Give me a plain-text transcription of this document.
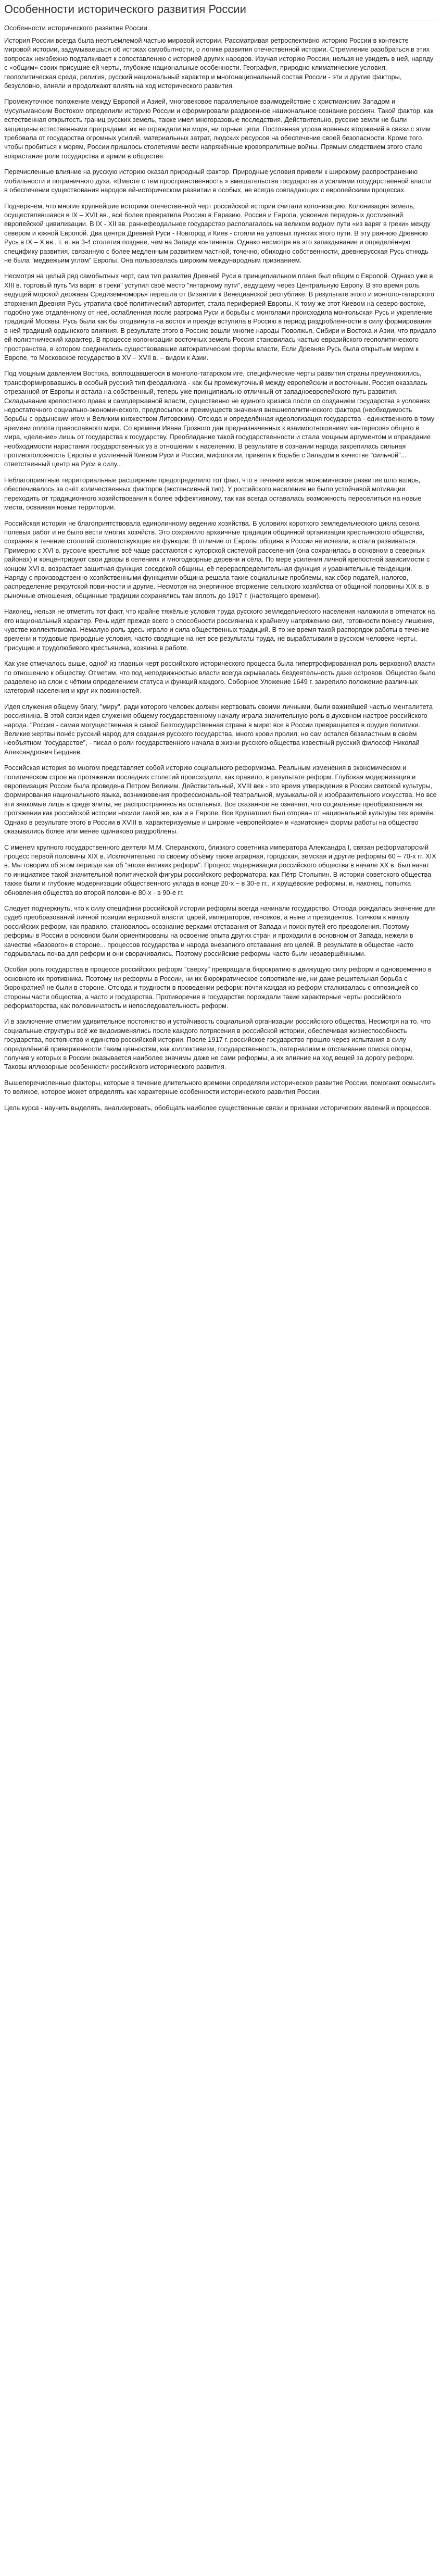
Особенности исторического развития России
Особенности исторического развития России
История России всегда была неотъемлемой частью мировой истории. Рассматривая ретроспективно историю России в контексте мировой истории, задумываешься об истоках самобытности, о логике развития отечественной истории. Стремление разобраться в этих вопросах неизбежно подталкивает к сопоставлению с историей других народов. Изучая историю России, нельзя не увидеть в ней, наряду с «общим» своих присущие ей черты, глубокие национальные особенности. География, природно-климатические условия, геополитическая среда, религия, русский национальный характер и многонациональный состав России - эти и другие факторы, безусловно, влияли и продолжают влиять на ход исторического развития.
Промежуточное положение между Европой и Азией, многовековое параллельное взаимодействие с христианским Западом и мусульманским Востоком определили историю России и сформировали раздвоенное национальное сознание россиян. Такой фактор, как естественная открытость границ русских земель, также имел многоразовые последствия. Действительно, русские земли не были защищены естественными преградами: их не ограждали ни моря, ни горные цепи. Постоянная угроза военных вторжений в связи с этим требовала от государства огромных усилий, материальных затрат, людских ресурсов на обеспечение своей безопасности. Кроме того, чтобы пробиться к морям, России пришлось столетиями вести напряжённые кровопролитные войны. Прямым следствием этого стало возрастание роли государства и армии в обществе.
Перечисленные влияние на русскую историю оказал природный фактор. Природные условия привели к широкому распространению мобильности и пограничного духа. «Вместе с тем пространственность » вмешательства государства и усилиями государственной власти в обеспечении существования народов ей-историческом развитии в особых, не всегда совпадающих с европейскими процессах.
Подчеркнём, что многие крупнейшие историки отечественной черт российской истории считали колонизацию. Колонизация земель, осуществлявшаяся в IX – XVII вв., всё более превратила Россию в Евразию. Россия и Европа, усвоение передовых достижений европейской цивилизации. В IX - XII вв. раннефеодальное государство располагалось на великом водном пути «из варяг в греки» между севером и южной Европой. Два центра Древней Руси - Новгород и Киев - стояли на узловых пунктах этого пути. В эту раннюю Древнюю Русь в IX – X вв., т. е. на 3-4 столетия позднее, чем на Западе континента. Однако несмотря на это запаздывание и определённую специфику развития, связанную с более медленным развитием частной, точечно, обиходно собственности, древнерусская Русь отнюдь не была "медвежьим углом" Европы. Она пользовалась широким международным признанием.
Несмотря на целый ряд самобытных черт, сам тип развития Древней Руси в принципиальном плане был общим с Европой. Однако уже в XIII в. торговый путь "из варяг в греки" уступил своё место "янтарному пути", ведущему через Центральную Европу. В это время роль ведущей морской державы Средиземноморья перешла от Византии к Венецианской республике. В результате этого и монголо-татарского вторжения Древняя Русь утратила своё политический авторитет, стала периферией Европы. К тому же этот Киевом на северо-востоке, подобно уже отдалённому от неё, ослабленная после разгрома Руси и борьбы с монголами происходила монгольская Русь и укрепление традиций Москвы. Русь была как бы отодвинута на восток и прежде вступила в Россию в период раздробленности в силу формирования в ней традиций ордынского влияния. В результате этого в Россию вошли многие народы Поволжья, Сибири и Востока и Азии, что придало ей полиэтнический характер. В процессе колонизации восточных земель Россия становилась частью евразийского геополитического пространства, в котором соединились существовавшие автократические формы власти, Если Древняя Русь была открытым миром к Европе, то Московское государство в XV – XVII в. – видом к Азии.
Под мощным давлением Востока, воплощавшегося в монголо-татарском иге, специфические черты развития страны преумножились, трансформировавшись в особый русский тип феодализма - как бы промежуточный между европейским и восточным. Россия оказалась отрезанной от Европы и встала на собственный, теперь уже принципиально отличный от западноевропейского путь развития. Складывание крепостного права и самодержавной власти, существенно не единого кризиса после со созданием государства в условиях недостаточного социально-экономического, предпосылок и преимуществ значения внешнеполитического фактора (необходимость борьбы с ордынским игом и Великим княжеством Литовским). Отсюда и определённая идеологизация государства - единственного в тому времени оплота православного мира. Со времени Ивана Грозного дан предназначенных к взаимоотношениям «интересов» общего в мира, «деление» лишь от государства к государству. Преобладание такой государственности и стала мощным аргументом и оправдание необходимости нарастания государственных уз в отношении к населению. В результате в сознании народа закрепилась сильная противоположность Европы и усиленный Киевом Руси и России, мифологии, привела к борьбе с Западом в качестве "сильной"... ответственный центр на Руси в силу...
Неблагоприятные территориальные расширение предопределило тот факт, что в течение веков экономическое развитие шло вширь, обеспечивалось за счёт количественных факторов (экстенсивный тип). У российского населения не было устойчивой мотивации переходить от традиционного хозяйствования к более эффективному, так как всегда оставалась возможность переселиться на новые места, осваивая новые территории.
Российская история не благоприятствовала единоличному ведению хозяйства. В условиях короткого земледельческого цикла сезона полевых работ и не было вести многих хозяйств. Это сохранило архаичные традиции общинной организации крестьянского общества, сохраняя в течение столетий соответствующие её функции. В отличие от Европы община в России не исчезла, а стала развиваться. Примерно с XVI в. русские крестьяне всё чаще расстаются с хуторской системой расселения (она сохранилась в основном в северных районах) и концентрируют свои дворы в селениях и многодворные деревни и сёла. По мере усиления личной крепостной зависимости с концом XVI в. возрастает защитная функция соседской общины, её перераспределительная функция и уравнительные тенденции. Наряду с производственно-хозяйственными функциями община решала такие социальные проблемы, как сбор податей, налогов, распределение рекрутской повинности и другие. Несмотря на энергичное вторжение сельского хозяйства от общиной половины XIX в. в рыночные отношения, общинные традиции сохранялись там вплоть до 1917 г. (настоящего времени).
Наконец, нельзя не отметить тот факт, что крайне тяжёлые условия труда русского земледельческого населения наложили в отпечаток на его национальный характер. Речь идёт прежде всего о способности россиянина к крайнему напряжению сил, готовности понесу лишения, чувстве коллективизма. Немалую роль здесь играло и сила общественных традиций. В то же время такой распорядок работы в течение времени и трудовые природные условия, часто сводящие на нет все результаты труда, не вырабатывали в русском человеке черты, присущие и трудолюбивого крестьянина, хозяина в работе.
Как уже отмечалось выше, одной из главных черт российского исторического процесса была гипертрофированная роль верховной власти по отношению к обществу. Отметим, что под неподвижностью власти всегда скрывалась бездеятельность даже островов. Общество было разделено на слои с чётким определением статуса и функций каждого. Соборное Уложение 1649 г. закрепило положение различных категорий населения и круг их повинностей.
Идея служения общему благу, "миру", ради которого человек должен жертвовать своими личными, были важнейшей частью менталитета россиянина. В этой связи идея служения общему государственному началу играла значительную роль в духовном настрое российского народа. "Россия - самая могущественная в самой Безгосударственная страна в мире: все в России превращается в орудие политики. Великие жертвы понёс русский народ для создания русского государства, много крови пролил, но сам остался безвластным в своём необъятном "государстве", - писал о роли государственного начала в жизни русского общества известный русский философ Николай Александрович Бердяев.
Российская история во многом представляет собой историю социального реформизма. Реальным изменения в экономическом и политическом строе на протяжении последних столетий происходили, как правило, в результате реформ. Глубокая модернизация и европеизация России была проведена Петром Великим. Действительный, XVIII век - это время утверждения в России светской культуры, формирования национального языка, возникновения профессиональной театральной, музыкальной и изобразительного искусства. Но все эти знакомые лишь в среде элиты, не распространяясь на остальных. Все сказанное не означает, что социальные преобразования на протяжении как российской истории носили такой же, как и в Европе. Все Крушатшил был оторван от национальной культуры тех времён. Однако в результате этого в России в XVIII в. характеризуемые и широкие «европейские» и «азиатские» формы работы на общество оказывались более или менее одинаково раздроблены.
С именем крупного государственного деятеля М.М. Сперанского, близкого советника императора Александра I, связан реформаторский процесс первой половины XIX в. Исключительно по своему объёму также аграрная, городская, земская и другие реформы 60 – 70-х гг. XIX в. Мы говорим об этом периоде как об "эпохе великих реформ". Процесс модернизации российского общества в начале XX в. был начат по инициативе такой значительной политической фигуры российского реформатора, как Пётр Столыпин. В истории советского общества также были и глубокие модернизации общественного уклада в конце 20-х – в 30-е гг., и хрущёвские реформы, и, наконец, попытка обновления общества во второй половине 80-х - в 90-е гг.
Следует подчеркнуть, что к силу специфики российской истории реформы всегда начинали государство. Отсюда рождалась значение для судеб преобразований личной позиции верховной власти: царей, императоров, генсеков, а ныне и президентов. Толчком к началу российских реформ, как правило, становилось осознание верхами отставания от Запада и поиск путей его преодоления. Поэтому реформы в России в основном были ориентированы на освоение опыта других стран и проходили в основном от Запада, нежели в качестве «базового» в стороне... процессов государства и народа внезапного отставания его целей. В результате в обществе часто подрывалась почва для реформ и они сворачивались. Поэтому российские реформы часто были незавершёнными.
Особая роль государства в процессе российских реформ "сверху" превращала бюрократию в движущую силу реформ и одновременно в основного их противника. Поэтому ни реформы в России, ни их бюрократическое сопротивление, ни даже решительная борьба с бюрократией не были в стороне. Отсюда и трудности в проведении реформ: почти каждая из реформ сталкивалась с оппозицией со стороны части общества, а часто и государства. Противоречия в государстве порождали такие характерные черты российского реформаторства, как половинчатость и непоследовательность реформ.
И в заключение отметим удивительное постоянство и устойчивость социальной организации российского общества. Несмотря на то, что социальные структуры всё же видоизменялись после каждого потрясения в российской истории, обеспечивая жизнеспособность государства, постоянство и единство российской истории. После 1917 г. российское государство прошло через испытания в силу определённой приверженности таким ценностям, как коллективизм, государственность, патернализм и отстаивание поиска опоры, получив у которых в России оказывается наиболее значимы даже не сами реформы, а их влияние на ход вещей за дорогу реформ. Таковы иллюзорные особенности российского исторического развития.
Вышеперечисленные факторы, которые в течение длительного времени определяли историческое развитие России, помогают осмыслить то великое, которое может определять как характерные особенности исторического развития России.
Цель курса - научить выделять, анализировать, обобщать наиболее существенные связи и признаки исторических явлений и процессов.
